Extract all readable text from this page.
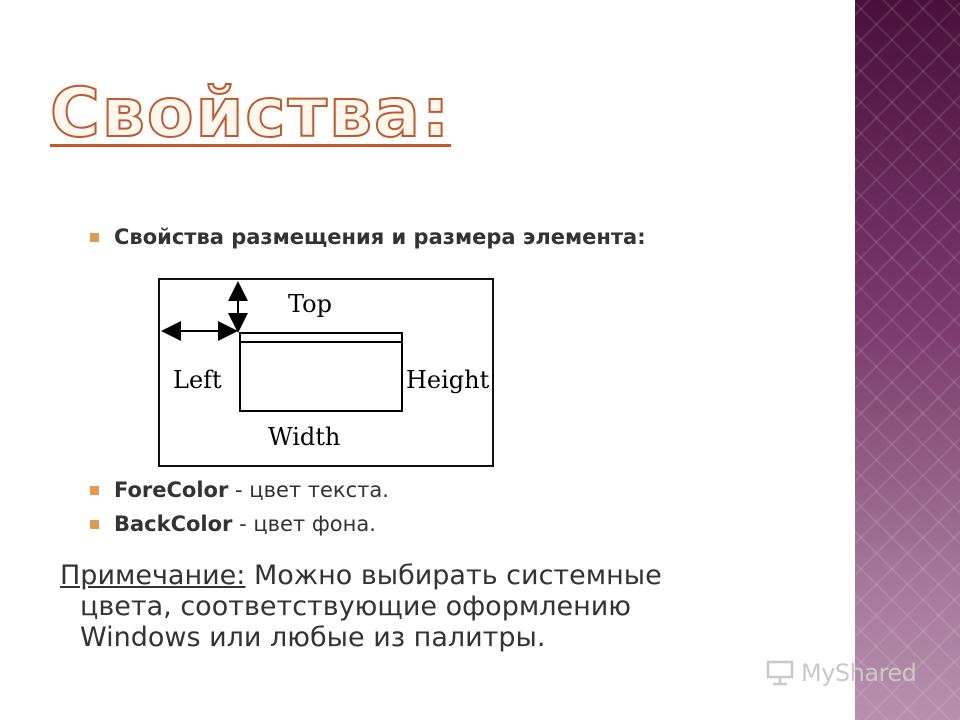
Свойства:
Свойства размещения и размера элемента:
Top
Left	Height
Width
ForeColor - цвет текста.
BackColor - цвет фона.
Примечание: Можно выбирать системные
цвета, соответствующие оформлению
Windows или любые из палитры.
MyShared
